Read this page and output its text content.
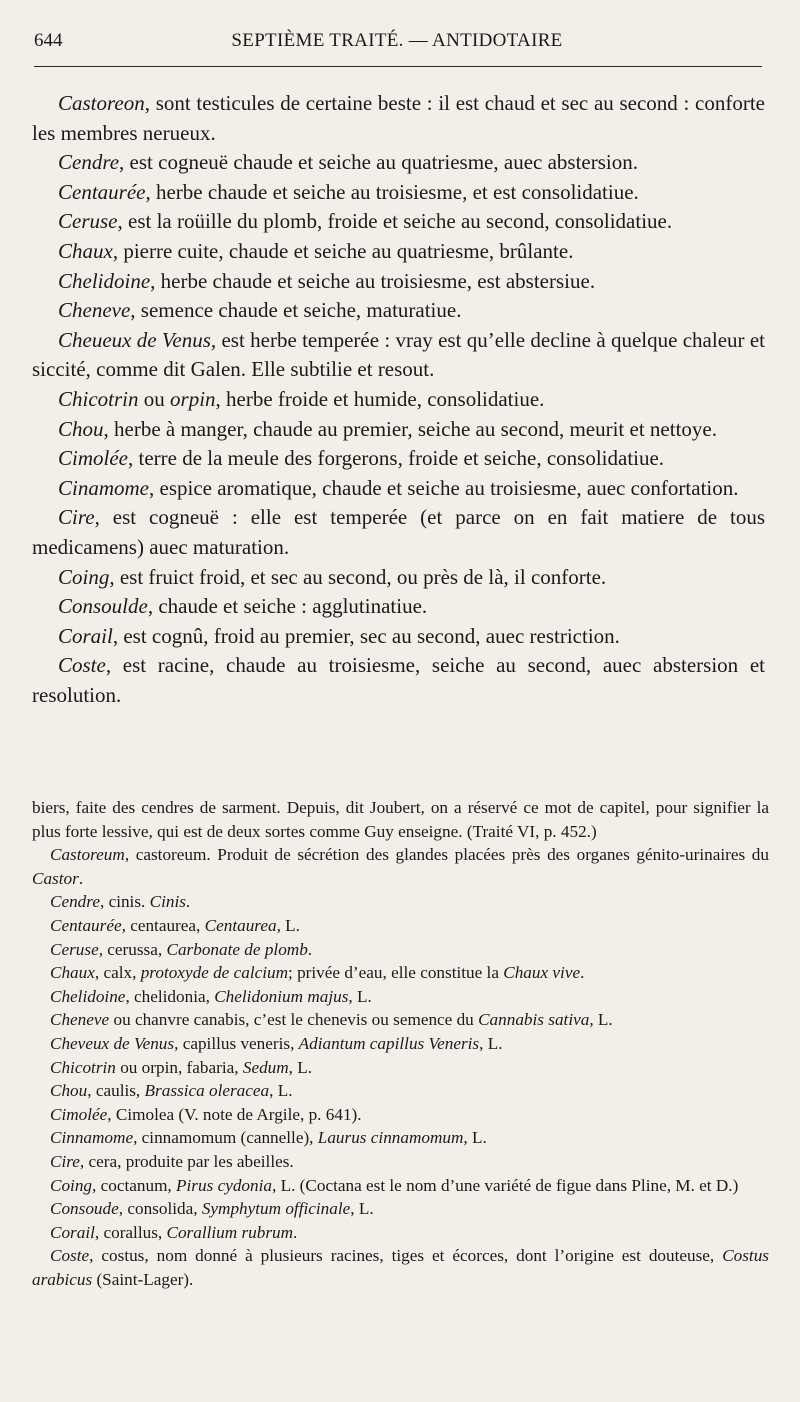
644	SEPTIÈME TRAITÉ. — ANTIDOTAIRE

Castoreon, sont testicules de certaine beste : il est chaud et sec au second : conforte les membres nerueux.

Cendre, est cogneuë chaude et seiche au quatriesme, auec abstersion.

Centaurée, herbe chaude et seiche au troisiesme, et est consolidatiue.

Ceruse, est la roüille du plomb, froide et seiche au second, consolidatiue.

Chaux, pierre cuite, chaude et seiche au quatriesme, brûlante.

Chelidoine, herbe chaude et seiche au troisiesme, est abstersiue.

Cheneve, semence chaude et seiche, maturatiue.

Cheueux de Venus, est herbe temperée : vray est qu’elle decline à quelque chaleur et siccité, comme dit Galen. Elle subtilie et resout.

Chicotrin ou orpin, herbe froide et humide, consolidatiue.

Chou, herbe à manger, chaude au premier, seiche au second, meurit et nettoye.

Cimolée, terre de la meule des forgerons, froide et seiche, consolidatiue.

Cinamome, espice aromatique, chaude et seiche au troisiesme, auec confortation.

Cire, est cogneuë : elle est temperée (et parce on en fait matiere de tous medicamens) auec maturation.

Coing, est fruict froid, et sec au second, ou près de là, il conforte.

Consoulde, chaude et seiche : agglutinatiue.

Corail, est cognû, froid au premier, sec au second, auec restriction.

Coste, est racine, chaude au troisiesme, seiche au second, auec abstersion et resolution.

biers, faite des cendres de sarment. Depuis, dit Joubert, on a réservé ce mot de capitel, pour signifier la plus forte lessive, qui est de deux sortes comme Guy enseigne. (Traité VI, p. 452.)

Castoreum, castoreum. Produit de sécrétion des glandes placées près des organes génito-urinaires du Castor.

Cendre, cinis. Cinis.

Centaurée, centaurea, Centaurea, L.

Ceruse, cerussa, Carbonate de plomb.

Chaux, calx, protoxyde de calcium; privée d’eau, elle constitue la Chaux vive.

Chelidoine, chelidonia, Chelidonium majus, L.

Cheneve ou chanvre canabis, c’est le chenevis ou semence du Cannabis sativa, L.

Cheveux de Venus, capillus veneris, Adiantum capillus Veneris, L.

Chicotrin ou orpin, fabaria, Sedum, L.

Chou, caulis, Brassica oleracea, L.

Cimolée, Cimolea (V. note de Argile, p. 641).

Cinnamome, cinnamomum (cannelle), Laurus cinnamomum, L.

Cire, cera, produite par les abeilles.

Coing, coctanum, Pirus cydonia, L. (Coctana est le nom d’une variété de figue dans Pline, M. et D.)

Consoude, consolida, Symphytum officinale, L.

Corail, corallus, Corallium rubrum.

Coste, costus, nom donné à plusieurs racines, tiges et écorces, dont l’origine est douteuse, Costus arabicus (Saint-Lager).
